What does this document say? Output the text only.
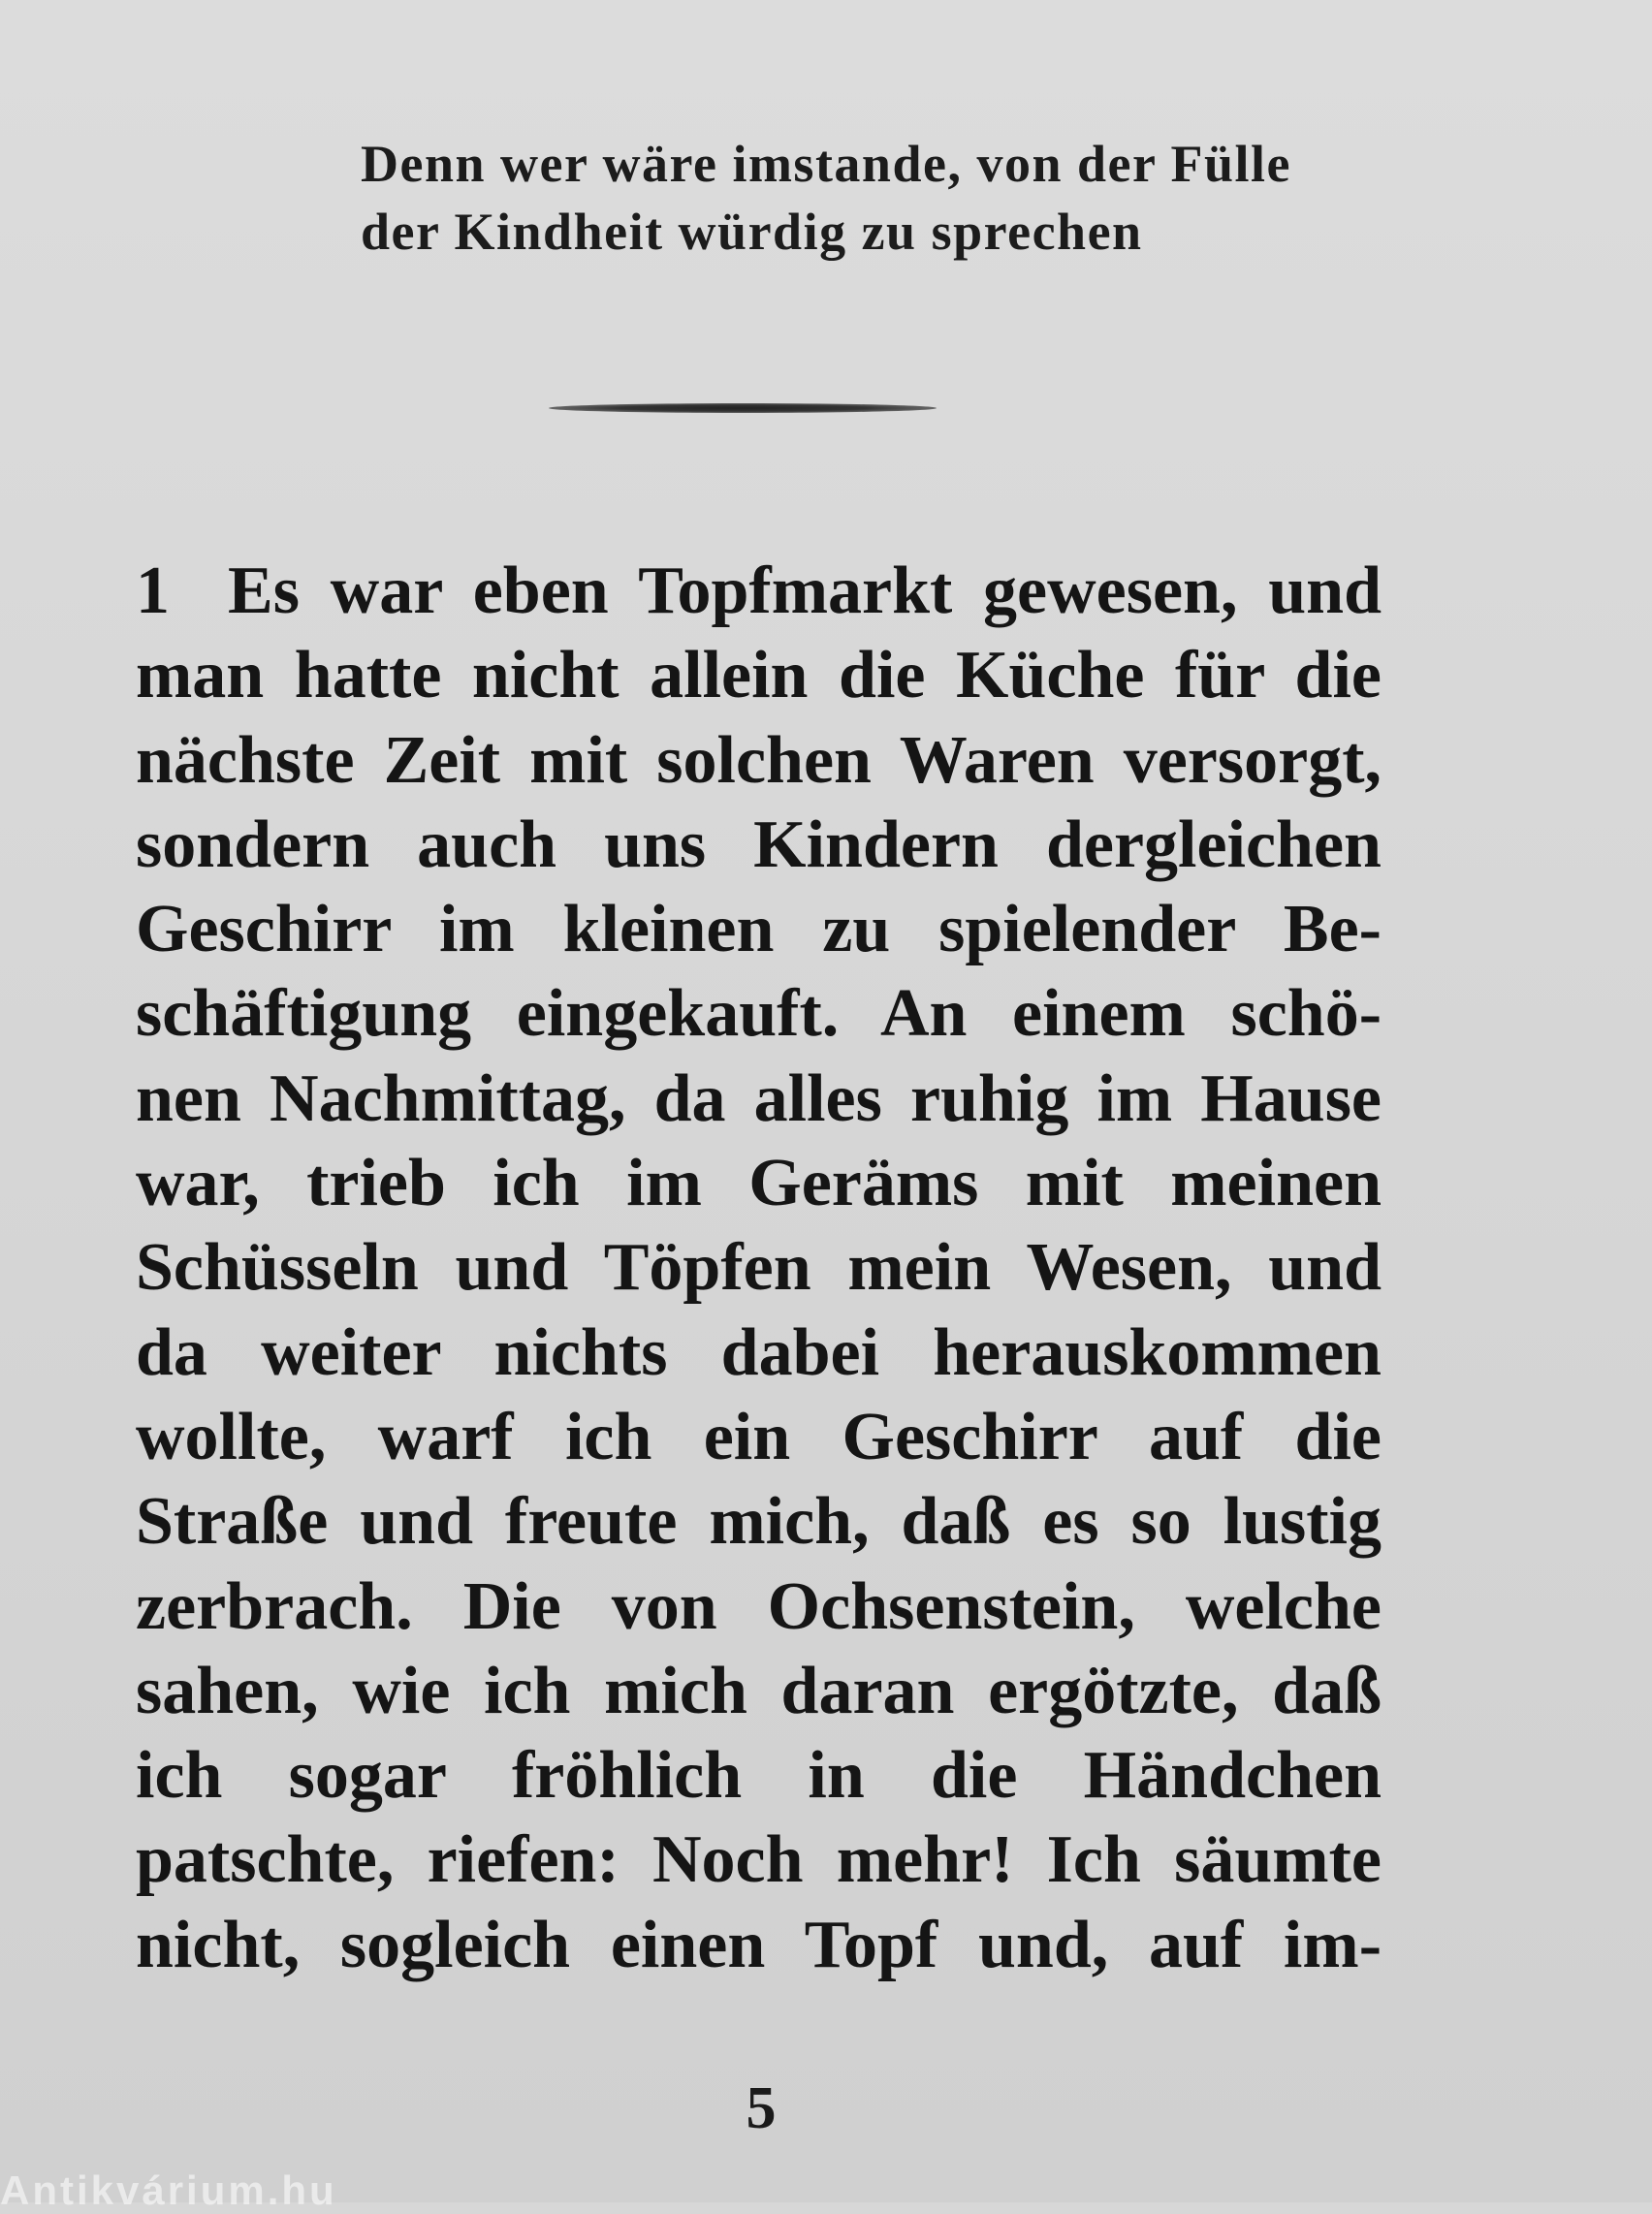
Denn wer wäre imstande, von der Fülle
der Kindheit würdig zu sprechen
1 Es war eben Topfmarkt gewesen, und
man hatte nicht allein die Küche für die
nächste Zeit mit solchen Waren versorgt,
sondern auch uns Kindern dergleichen
Geschirr im kleinen zu spielender Be-
schäftigung eingekauft. An einem schö-
nen Nachmittag, da alles ruhig im Hause
war, trieb ich im Geräms mit meinen
Schüsseln und Töpfen mein Wesen, und
da weiter nichts dabei herauskommen
wollte, warf ich ein Geschirr auf die
Straße und freute mich, daß es so lustig
zerbrach. Die von Ochsenstein, welche
sahen, wie ich mich daran ergötzte, daß
ich sogar fröhlich in die Händchen
patschte, riefen: Noch mehr! Ich säumte
nicht, sogleich einen Topf und, auf im-
5
Antikvárium.hu
